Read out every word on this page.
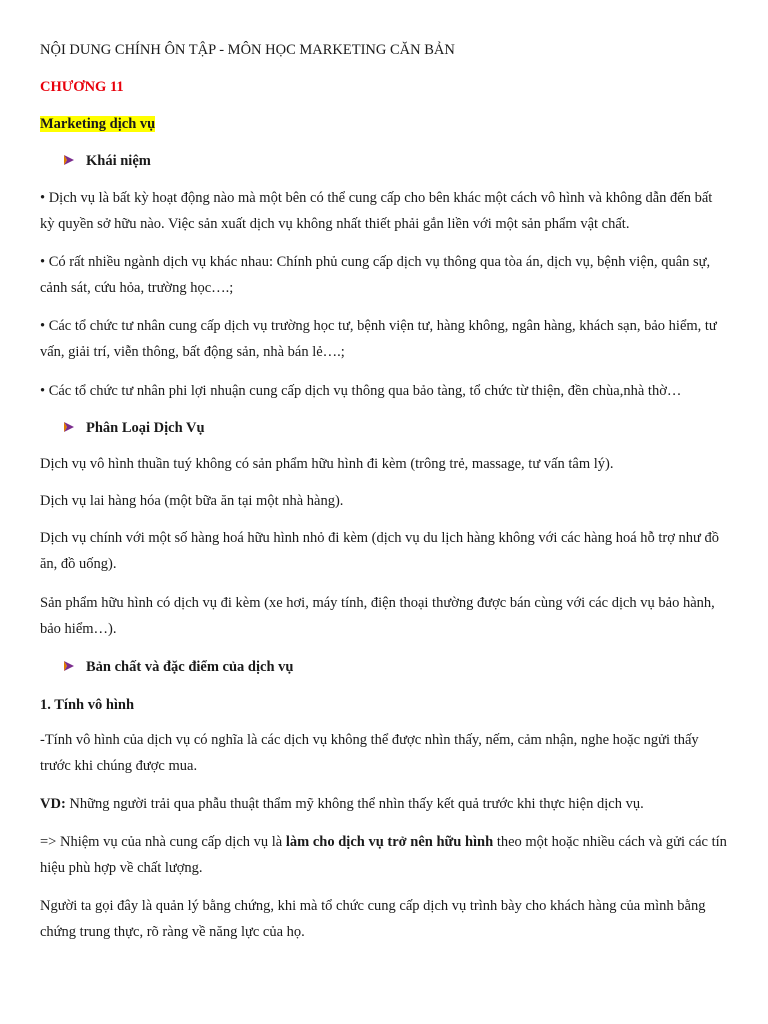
NỘI DUNG CHÍNH ÔN TẬP - MÔN HỌC MARKETING CĂN BẢN
CHƯƠNG 11
Marketing dịch vụ
Khái niệm
• Dịch vụ là bất kỳ hoạt động nào mà một bên có thể cung cấp cho bên khác một cách vô hình và không dẫn đến bất kỳ quyền sở hữu nào. Việc sản xuất dịch vụ không nhất thiết phải gắn liền với một sản phẩm vật chất.
• Có rất nhiều ngành dịch vụ khác nhau: Chính phủ cung cấp dịch vụ thông qua tòa án, dịch vụ, bệnh viện, quân sự, cảnh sát, cứu hỏa, trường học….;
• Các tổ chức tư nhân cung cấp dịch vụ trường học tư, bệnh viện tư, hàng không, ngân hàng, khách sạn, bảo hiểm, tư vấn, giải trí, viễn thông, bất động sản, nhà bán lẻ….;
• Các tổ chức tư nhân phi lợi nhuận cung cấp dịch vụ thông qua bảo tàng, tổ chức từ thiện, đền chùa,nhà thờ…
Phân Loại Dịch Vụ
Dịch vụ vô hình thuần tuý không có sản phẩm hữu hình đi kèm (trông trẻ, massage, tư vấn tâm lý).
Dịch vụ lai hàng hóa (một bữa ăn tại một nhà hàng).
Dịch vụ chính với một số hàng hoá hữu hình nhỏ đi kèm (dịch vụ du lịch hàng không với các hàng hoá hỗ trợ như đồ ăn, đồ uống).
Sản phẩm hữu hình có dịch vụ đi kèm (xe hơi, máy tính, điện thoại thường được bán cùng với các dịch vụ bảo hành, bảo hiểm…).
Bản chất và đặc điểm của dịch vụ
1. Tính vô hình
-Tính vô hình của dịch vụ có nghĩa là các dịch vụ không thể được nhìn thấy, nếm, cảm nhận, nghe hoặc ngửi thấy trước khi chúng được mua.
VD: Những người trải qua phẫu thuật thẩm mỹ không thể nhìn thấy kết quả trước khi thực hiện dịch vụ.
=> Nhiệm vụ của nhà cung cấp dịch vụ là làm cho dịch vụ trở nên hữu hình theo một hoặc nhiều cách và gửi các tín hiệu phù hợp về chất lượng.
Người ta gọi đây là quản lý bằng chứng, khi mà tổ chức cung cấp dịch vụ trình bày cho khách hàng của mình bằng chứng trung thực, rõ ràng về năng lực của họ.
